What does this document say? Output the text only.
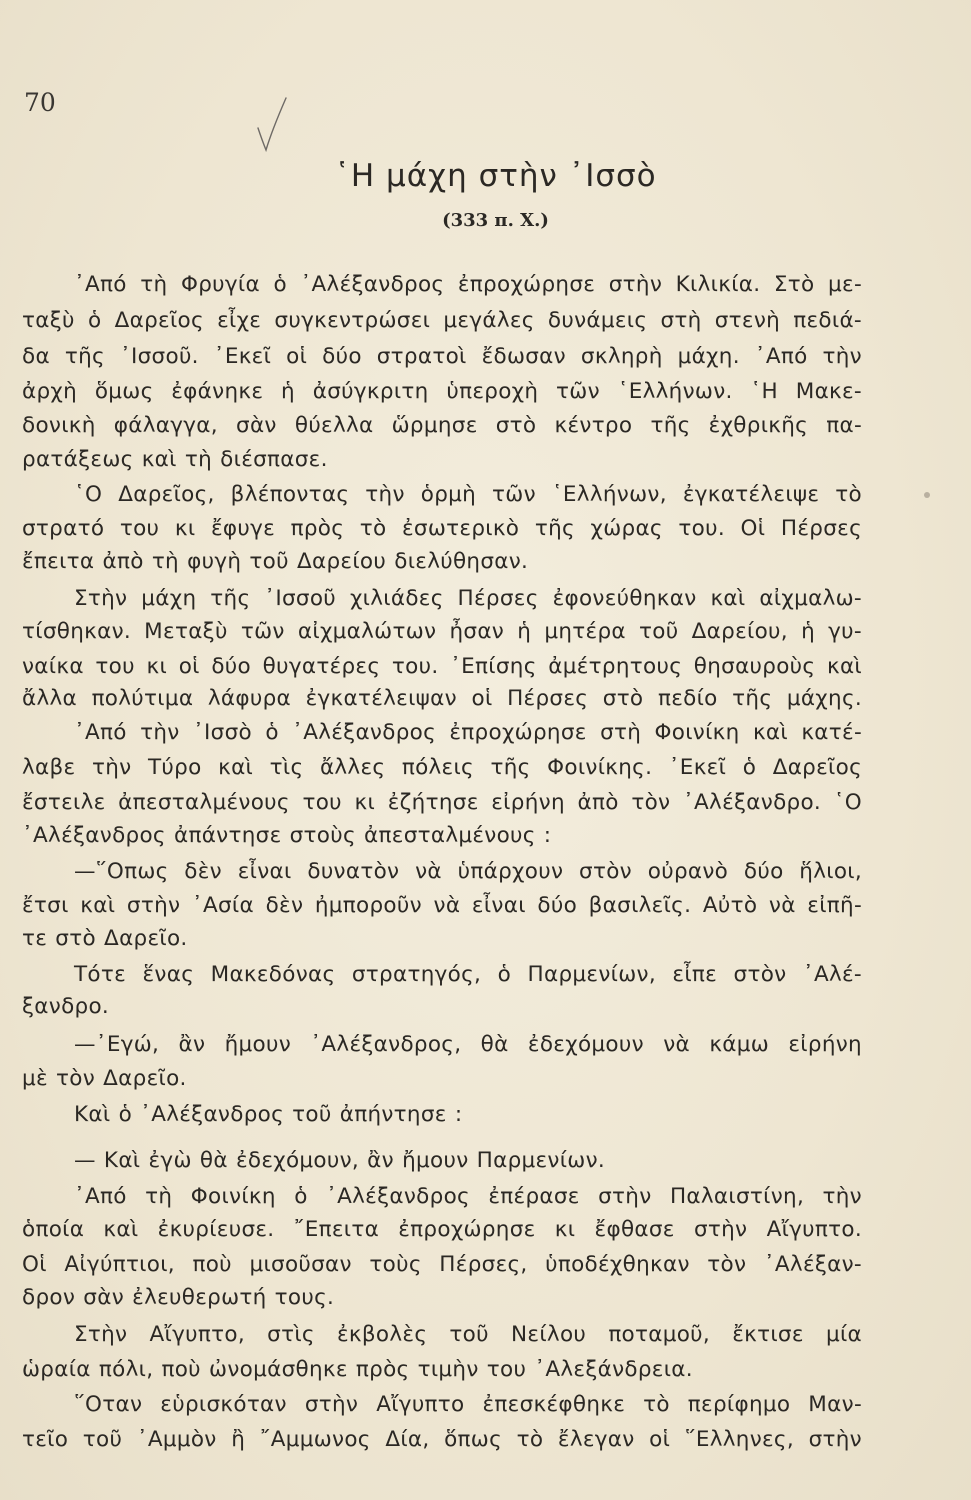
70
῾Η μάχη στὴν ᾿Ισσὸ
(333 π. Χ.)
᾿Από τὴ Φρυγία ὁ ᾿Αλέξανδρος ἐπροχώρησε στὴν Κιλικία. Στὸ με-
ταξὺ ὁ Δαρεῖος εἶχε συγκεντρώσει μεγάλες δυνάμεις στὴ στενὴ πεδιά-
δα τῆς ᾿Ισσοῦ. ᾿Εκεῖ οἱ δύο στρατοὶ ἔδωσαν σκληρὴ μάχη. ᾿Από τὴν
ἀρχὴ ὅμως ἐφάνηκε ἡ ἀσύγκριτη ὑπεροχὴ τῶν ῾Ελλήνων. ῾Η Μακε-
δονικὴ φάλαγγα, σὰν θύελλα ὥρμησε στὸ κέντρο τῆς ἐχθρικῆς πα-
ρατάξεως καὶ τὴ διέσπασε.
῾Ο Δαρεῖος, βλέποντας τὴν ὁρμὴ τῶν ῾Ελλήνων, ἐγκατέλειψε τὸ
στρατό του κι ἔφυγε πρὸς τὸ ἐσωτερικὸ τῆς χώρας του. Οἱ Πέρσες
ἔπειτα ἀπὸ τὴ φυγὴ τοῦ Δαρείου διελύθησαν.
Στὴν μάχη τῆς ᾿Ισσοῦ χιλιάδες Πέρσες ἐφονεύθηκαν καὶ αἰχμαλω-
τίσθηκαν. Μεταξὺ τῶν αἰχμαλώτων ἦσαν ἡ μητέρα τοῦ Δαρείου, ἡ γυ-
ναίκα του κι οἱ δύο θυγατέρες του. ᾿Επίσης ἀμέτρητους θησαυροὺς καὶ
ἄλλα πολύτιμα λάφυρα ἐγκατέλειψαν οἱ Πέρσες στὸ πεδίο τῆς μάχης.
᾿Από τὴν ᾿Ισσὸ ὁ ᾿Αλέξανδρος ἐπροχώρησε στὴ Φοινίκη καὶ κατέ-
λαβε τὴν Τύρο καὶ τὶς ἄλλες πόλεις τῆς Φοινίκης. ᾿Εκεῖ ὁ Δαρεῖος
ἔστειλε ἀπεσταλμένους του κι ἐζήτησε εἰρήνη ἀπὸ τὸν ᾿Αλέξανδρο. ῾Ο
᾿Αλέξανδρος ἀπάντησε στοὺς ἀπεσταλμένους :
—῞Οπως δὲν εἶναι δυνατὸν νὰ ὑπάρχουν στὸν οὐρανὸ δύο ἥλιοι,
ἔτσι καὶ στὴν ᾿Ασία δὲν ἠμποροῦν νὰ εἶναι δύο βασιλεῖς. Αὐτὸ νὰ εἰπῆ-
τε στὸ Δαρεῖο.
Τότε ἕνας Μακεδόνας στρατηγός, ὁ Παρμενίων, εἶπε στὸν ᾿Αλέ-
ξανδρο.
—᾿Εγώ, ἂν ἤμουν ᾿Αλέξανδρος, θὰ ἐδεχόμουν νὰ κάμω εἰρήνη
μὲ τὸν Δαρεῖο.
Καὶ ὁ ᾿Αλέξανδρος τοῦ ἀπήντησε :
— Καὶ ἐγὼ θὰ ἐδεχόμουν, ἂν ἤμουν Παρμενίων.
᾿Από τὴ Φοινίκη ὁ ᾿Αλέξανδρος ἐπέρασε στὴν Παλαιστίνη, τὴν
ὁποία καὶ ἐκυρίευσε. ῎Επειτα ἐπροχώρησε κι ἔφθασε στὴν Αἴγυπτο.
Οἱ Αἰγύπτιοι, ποὺ μισοῦσαν τοὺς Πέρσες, ὑποδέχθηκαν τὸν ᾿Αλέξαν-
δρον σὰν ἐλευθερωτή τους.
Στὴν Αἴγυπτο, στὶς ἐκβολὲς τοῦ Νείλου ποταμοῦ, ἔκτισε μία
ὡραία πόλι, ποὺ ὠνομάσθηκε πρὸς τιμὴν του ᾿Αλεξάνδρεια.
῞Οταν εὑρισκόταν στὴν Αἴγυπτο ἐπεσκέφθηκε τὸ περίφημο Μαν-
τεῖο τοῦ ᾿Αμμὸν ἢ ῎Αμμωνος Δία, ὅπως τὸ ἔλεγαν οἱ ῞Ελληνες, στὴν
